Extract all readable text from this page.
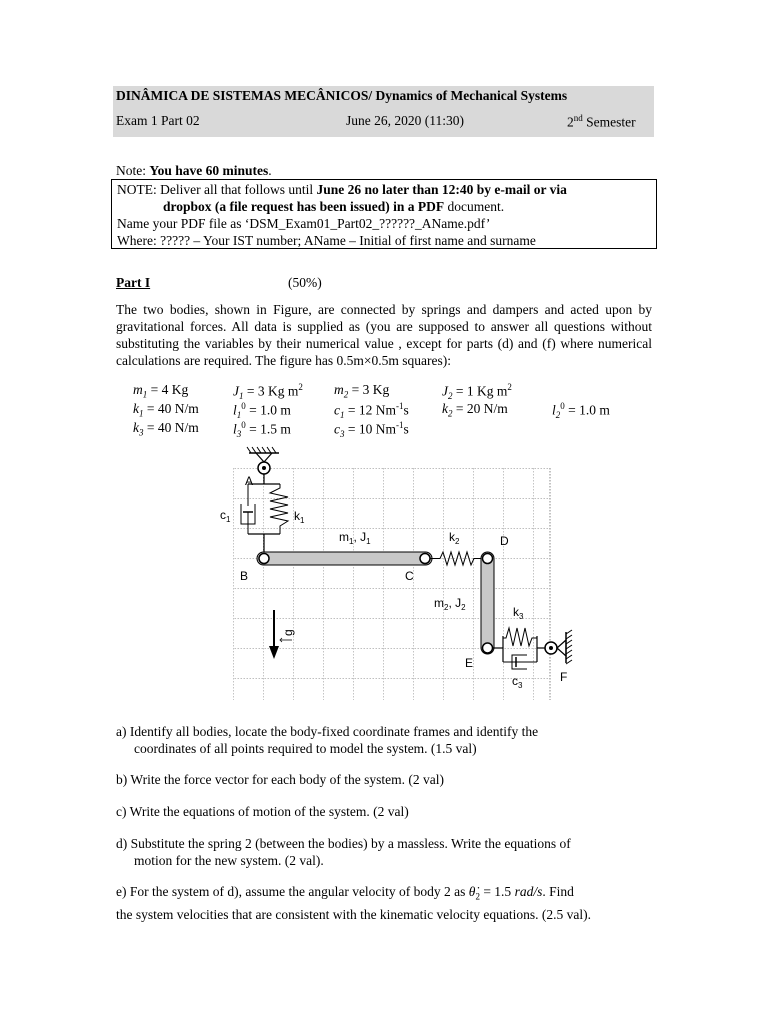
DINÂMICA DE SISTEMAS MECÂNICOS/ Dynamics of Mechanical Systems
Exam 1 Part 02	June 26, 2020 (11:30)	2nd Semester
Note: You have 60 minutes.
NOTE: Deliver all that follows until June 26 no later than 12:40 by e-mail or via
dropbox (a file request has been issued) in a PDF document.
Name your PDF file as ‘DSM_Exam01_Part02_??????_AName.pdf’
Where: ????? – Your IST number; AName – Initial of first name and surname
Part I	(50%)
The two bodies, shown in Figure, are connected by springs and dampers and acted upon by gravitational forces. All data is supplied as (you are supposed to answer all questions without substituting the variables by their numerical value , except for parts (d) and (f) where numerical calculations are required. The figure has 0.5m×0.5m squares):
$m_1 = 4$ Kg	$J_1 = 3$ Kg $m^2$	$m_2 = 3$ Kg	$J_2 = 1$ Kg $m^2$	
$k_1 = 40$ N/m	$l_1^0 = 1.0$ m	$c_1 = 12$ $Nm^{-1}s$	$k_2 = 20$ N/m	$l_2^0 = 1.0$ m
$k_3 = 40$ N/m	$l_3^0 = 1.5$ m	$c_3 = 10$ $Nm^{-1}s$		
A
B	C
D
E
F
$c_1$	$k_1$
$m_1$, $J_1$	$k_2$
$m_2$, $J_2$	$k_3$
$c_3$
g
a) Identify all bodies, locate the body-fixed coordinate frames and identify the
coordinates of all points required to model the system. (1.5 val)
b) Write the force vector for each body of the system. (2 val)
c) Write the equations of motion of the system. (2 val)
d) Substitute the spring 2 (between the bodies) by a massless. Write the equations of
motion for the new system. (2 val).
e) For the system of d), assume the angular velocity of body 2 as $\thetȧ_2 = 1.5$ rad/s. Find
the system velocities that are consistent with the kinematic velocity equations. (2.5 val).
